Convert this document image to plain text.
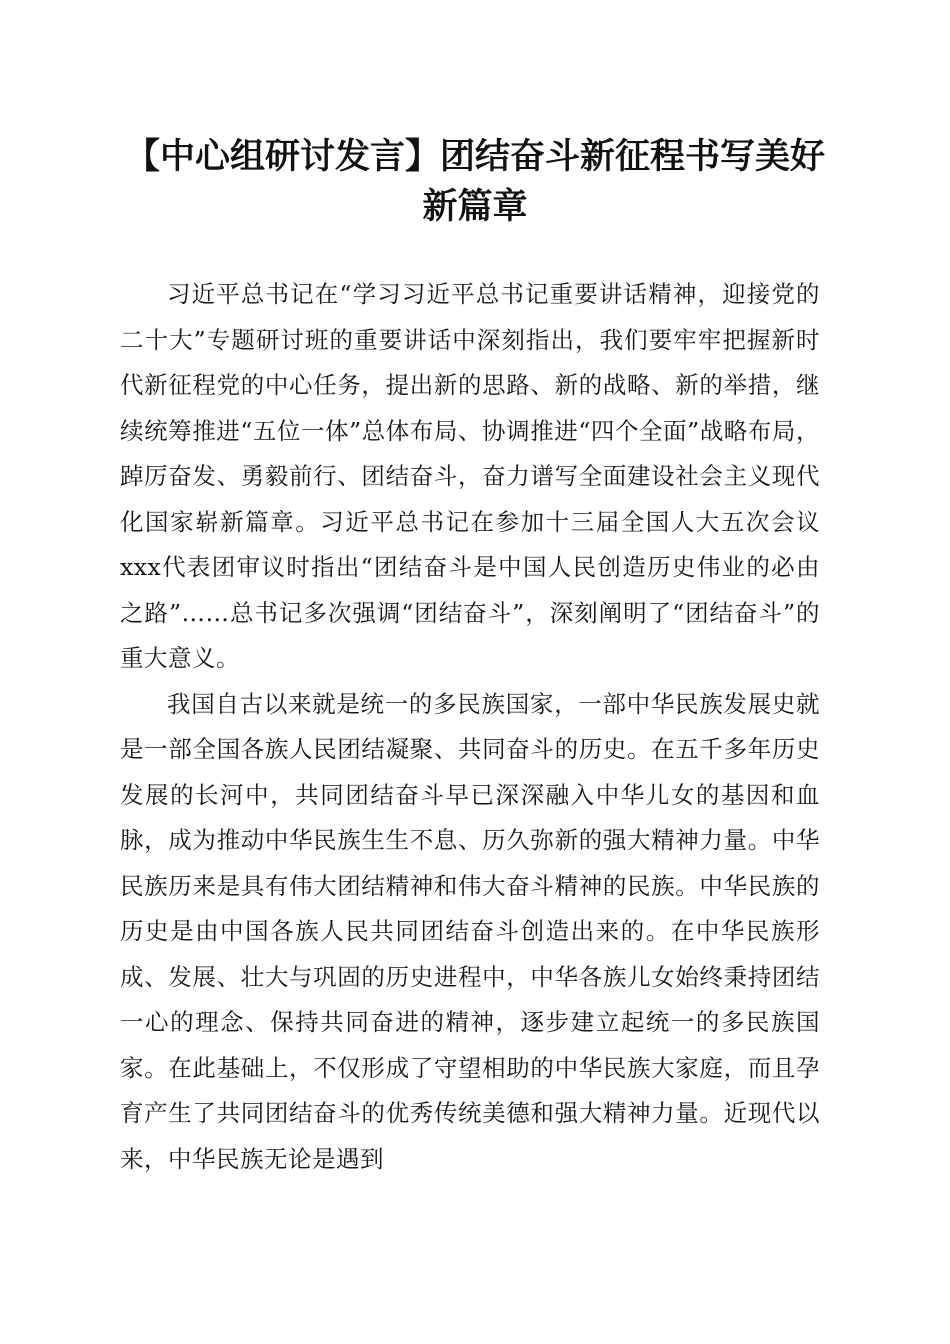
【中心组研讨发言】团结奋斗新征程书写美好新篇章

习近平总书记在“学习习近平总书记重要讲话精神，迎接党的二十大”专题研讨班的重要讲话中深刻指出，我们要牢牢把握新时代新征程党的中心任务，提出新的思路、新的战略、新的举措，继续统筹推进“五位一体”总体布局、协调推进“四个全面”战略布局，踔厉奋发、勇毅前行、团结奋斗，奋力谱写全面建设社会主义现代化国家崭新篇章。习近平总书记在参加十三届全国人大五次会议xxx代表团审议时指出“团结奋斗是中国人民创造历史伟业的必由之路”……总书记多次强调“团结奋斗”，深刻阐明了“团结奋斗”的重大意义。

我国自古以来就是统一的多民族国家，一部中华民族发展史就是一部全国各族人民团结凝聚、共同奋斗的历史。在五千多年历史发展的长河中，共同团结奋斗早已深深融入中华儿女的基因和血脉，成为推动中华民族生生不息、历久弥新的强大精神力量。中华民族历来是具有伟大团结精神和伟大奋斗精神的民族。中华民族的历史是由中国各族人民共同团结奋斗创造出来的。在中华民族形成、发展、壮大与巩固的历史进程中，中华各族儿女始终秉持团结一心的理念、保持共同奋进的精神，逐步建立起统一的多民族国家。在此基础上，不仅形成了守望相助的中华民族大家庭，而且孕育产生了共同团结奋斗的优秀传统美德和强大精神力量。近现代以来，中华民族无论是遇到
